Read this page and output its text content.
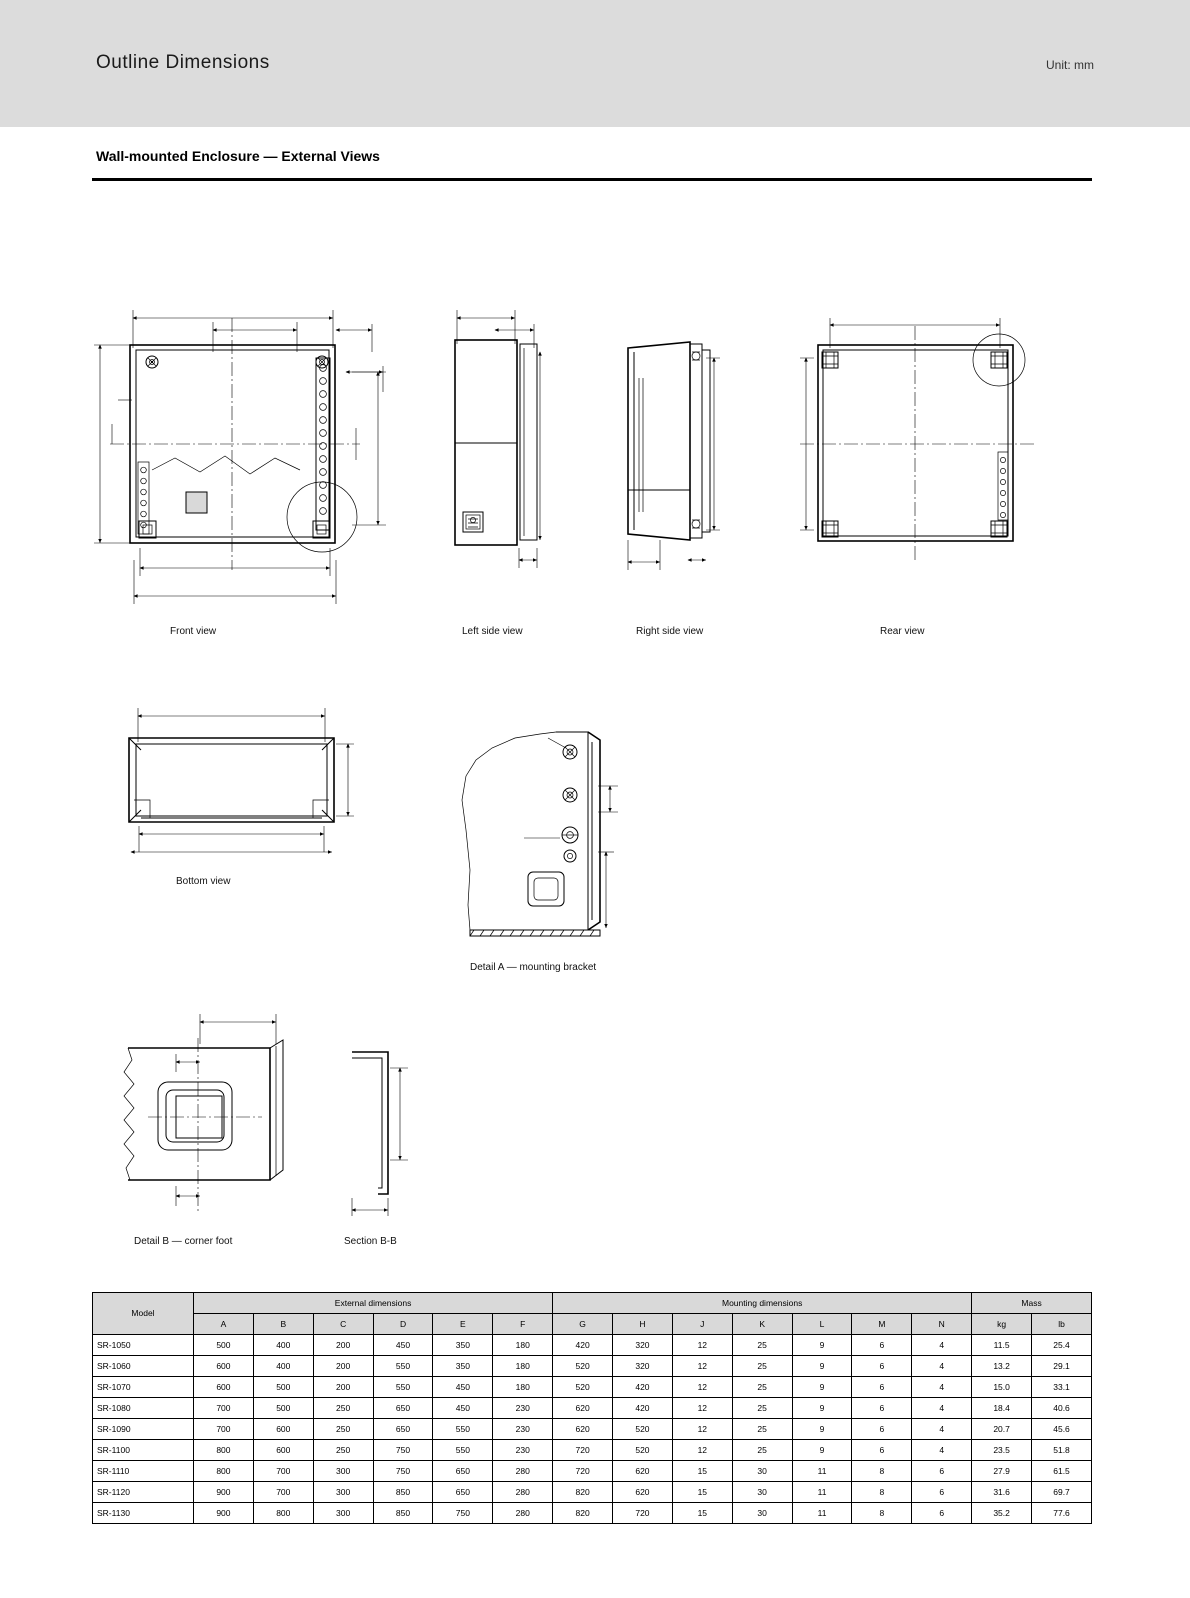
Outline Dimensions	Unit: mm
Wall-mounted Enclosure — External Views
Front view	Left side view	Right side view	Rear view
Bottom view
Detail A — mounting bracket
Detail B — corner foot	Section B-B
Model	External dimensions						Mounting dimensions							Mass	
	A	B	C	D	E	F	G	H	J	K	L	M	N	kg	lb
SR-1050	500	400	200	450	350	180	420	320	12	25	9	6	4	11.5	25.4
SR-1060	600	400	200	550	350	180	520	320	12	25	9	6	4	13.2	29.1
SR-1070	600	500	200	550	450	180	520	420	12	25	9	6	4	15.0	33.1
SR-1080	700	500	250	650	450	230	620	420	12	25	9	6	4	18.4	40.6
SR-1090	700	600	250	650	550	230	620	520	12	25	9	6	4	20.7	45.6
SR-1100	800	600	250	750	550	230	720	520	12	25	9	6	4	23.5	51.8
SR-1110	800	700	300	750	650	280	720	620	15	30	11	8	6	27.9	61.5
SR-1120	900	700	300	850	650	280	820	620	15	30	11	8	6	31.6	69.7
SR-1130	900	800	300	850	750	280	820	720	15	30	11	8	6	35.2	77.6
